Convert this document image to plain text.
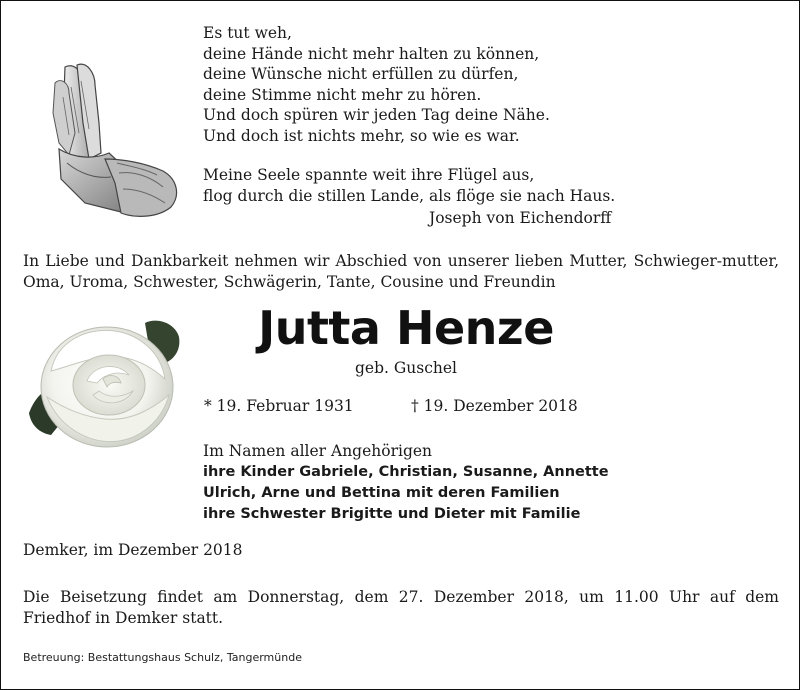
Es tut weh,
deine Hände nicht mehr halten zu können,
deine Wünsche nicht erfüllen zu dürfen,
deine Stimme nicht mehr zu hören.
Und doch spüren wir jeden Tag deine Nähe.
Und doch ist nichts mehr, so wie es war.
Meine Seele spannte weit ihre Flügel aus,
flog durch die stillen Lande, als flöge sie nach Haus.
Joseph von Eichendorff
In Liebe und Dankbarkeit nehmen wir Abschied von unserer lieben Mutter, Schwieger-mutter, Oma, Uroma, Schwester, Schwägerin, Tante, Cousine und Freundin
Jutta Henze
geb. Guschel
* 19. Februar 1931	† 19. Dezember 2018
Im Namen aller Angehörigen
ihre Kinder Gabriele, Christian, Susanne, Annette
Ulrich, Arne und Bettina mit deren Familien
ihre Schwester Brigitte und Dieter mit Familie
Demker, im Dezember 2018
Die Beisetzung findet am Donnerstag, dem 27. Dezember 2018, um 11.00 Uhr auf dem Friedhof in Demker statt.
Betreuung: Bestattungshaus Schulz, Tangermünde
